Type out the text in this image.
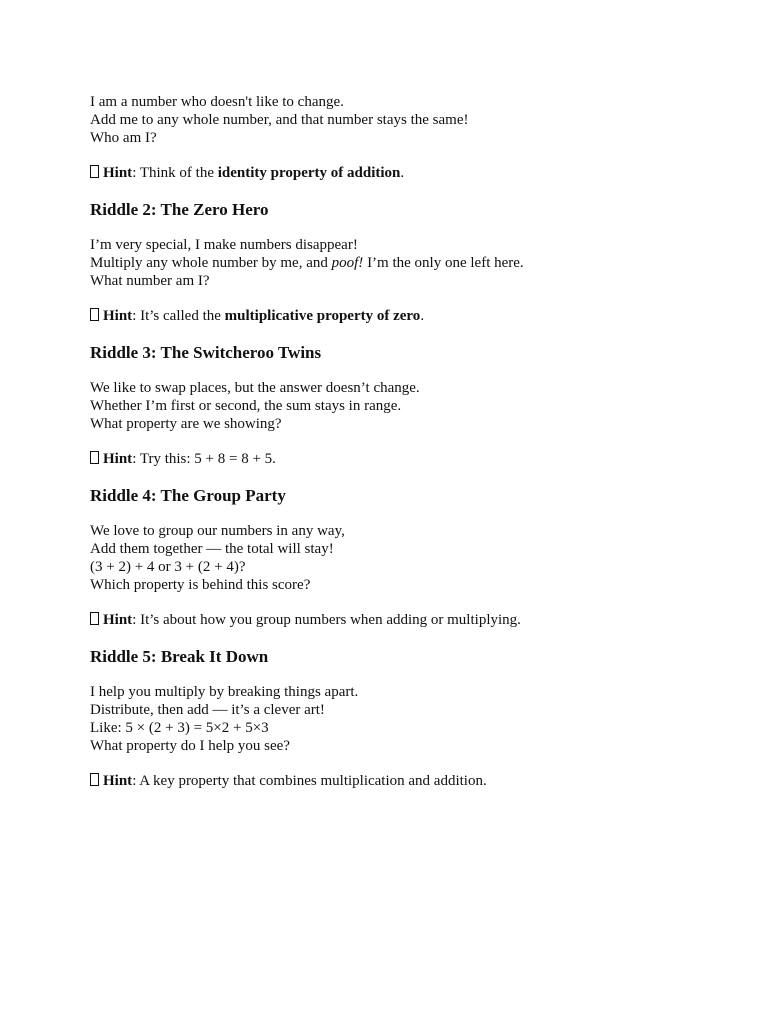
I am a number who doesn't like to change.
Add me to any whole number, and that number stays the same!
Who am I?
Hint: Think of the identity property of addition.
Riddle 2: The Zero Hero
I’m very special, I make numbers disappear!
Multiply any whole number by me, and poof! I’m the only one left here.
What number am I?
Hint: It’s called the multiplicative property of zero.
Riddle 3: The Switcheroo Twins
We like to swap places, but the answer doesn’t change.
Whether I’m first or second, the sum stays in range.
What property are we showing?
Hint: Try this: 5 + 8 = 8 + 5.
Riddle 4: The Group Party
We love to group our numbers in any way,
Add them together — the total will stay!
(3 + 2) + 4 or 3 + (2 + 4)?
Which property is behind this score?
Hint: It’s about how you group numbers when adding or multiplying.
Riddle 5: Break It Down
I help you multiply by breaking things apart.
Distribute, then add — it’s a clever art!
Like: 5 × (2 + 3) = 5×2 + 5×3
What property do I help you see?
Hint: A key property that combines multiplication and addition.
